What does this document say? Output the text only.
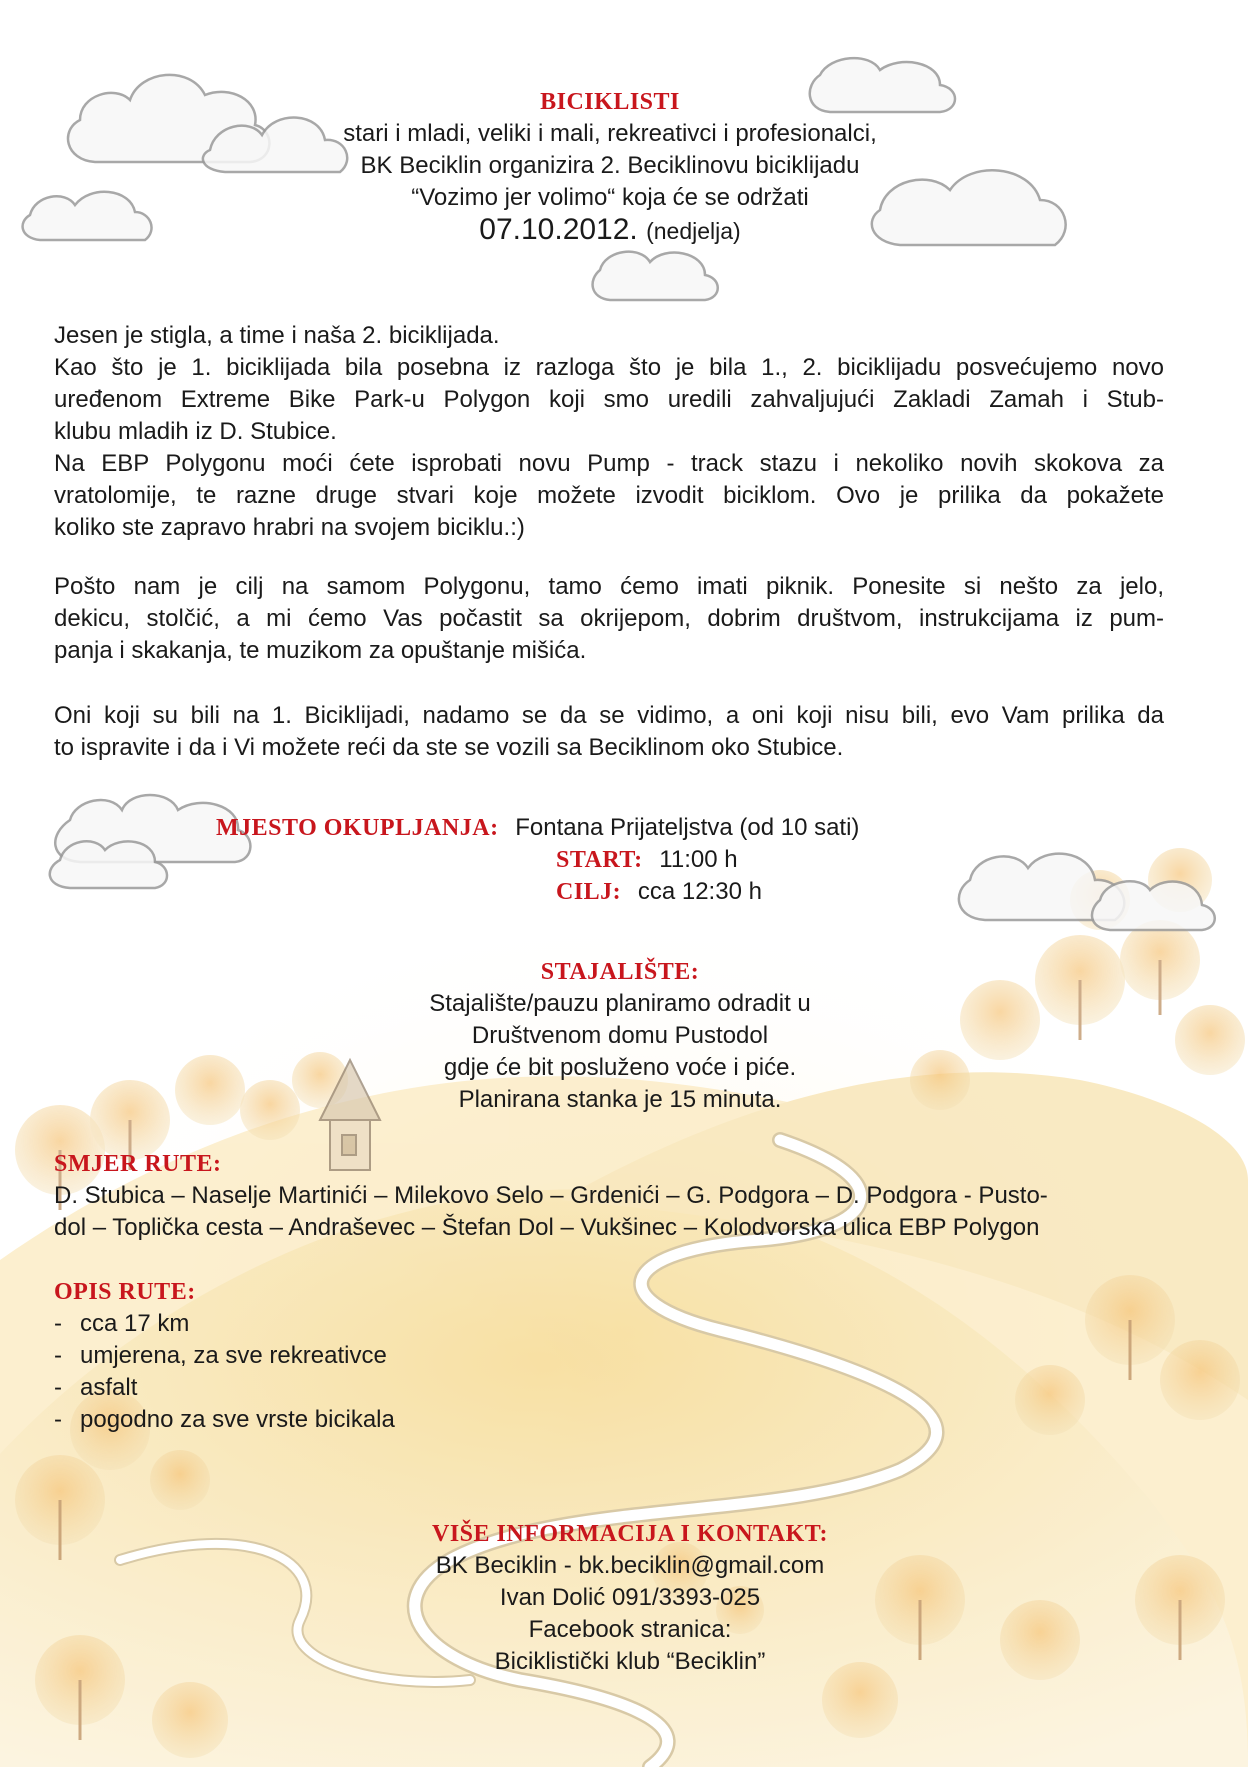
BICIKLISTI
stari i mladi, veliki i mali, rekreativci i profesionalci,
BK Beciklin organizira 2. Beciklinovu biciklijadu
“Vozimo jer volimo“ koja će se održati
07.10.2012. (nedjelja)

Jesen je stigla, a time i naša 2. biciklijada.

Kao što je 1. biciklijada bila posebna iz razloga što je bila 1., 2. biciklijadu posvećujemo novo

uređenom Extreme Bike Park-u Polygon koji smo uredili zahvaljujući Zakladi Zamah i Stub-

klubu mladih iz D. Stubice.

Na EBP Polygonu moći ćete isprobati novu Pump - track stazu i nekoliko novih skokova za

vratolomije, te razne druge stvari koje možete izvodit biciklom. Ovo je prilika da pokažete

koliko ste zapravo hrabri na svojem biciklu.:)

Pošto nam je cilj na samom Polygonu, tamo ćemo imati piknik. Ponesite si nešto za jelo,

dekicu, stolčić, a mi ćemo Vas počastit sa okrijepom, dobrim društvom, instrukcijama iz pum-

panja i skakanja, te muzikom za opuštanje mišića.

Oni koji su bili na 1. Biciklijadi, nadamo se da se vidimo, a oni koji nisu bili, evo Vam prilika da

to ispravite i da i Vi možete reći da ste se vozili sa Beciklinom oko Stubice.

MJESTO OKUPLJANJA: Fontana Prijateljstva (od 10 sati)
START: 11:00 h
CILJ: cca 12:30 h
STAJALIŠTE:

Stajalište/pauzu planiramo odradit u

Društvenom domu Pustodol

gdje će bit posluženo voće i piće.

Planirana stanka je 15 minuta.

SMJER RUTE:

D. Stubica – Naselje Martinići – Milekovo Selo – Grdenići – G. Podgora – D. Podgora - Pusto-

dol – Toplička cesta – Andraševec – Štefan Dol – Vukšinec – Kolodvorska ulica EBP Polygon

OPIS RUTE:
- cca 17 km
- umjerena, za sve rekreativce
- asfalt
- pogodno za sve vrste bicikala
VIŠE INFORMACIJA I KONTAKT:

BK Beciklin - bk.beciklin@gmail.com

Ivan Dolić 091/3393-025

Facebook stranica:

Biciklistički klub “Beciklin”
